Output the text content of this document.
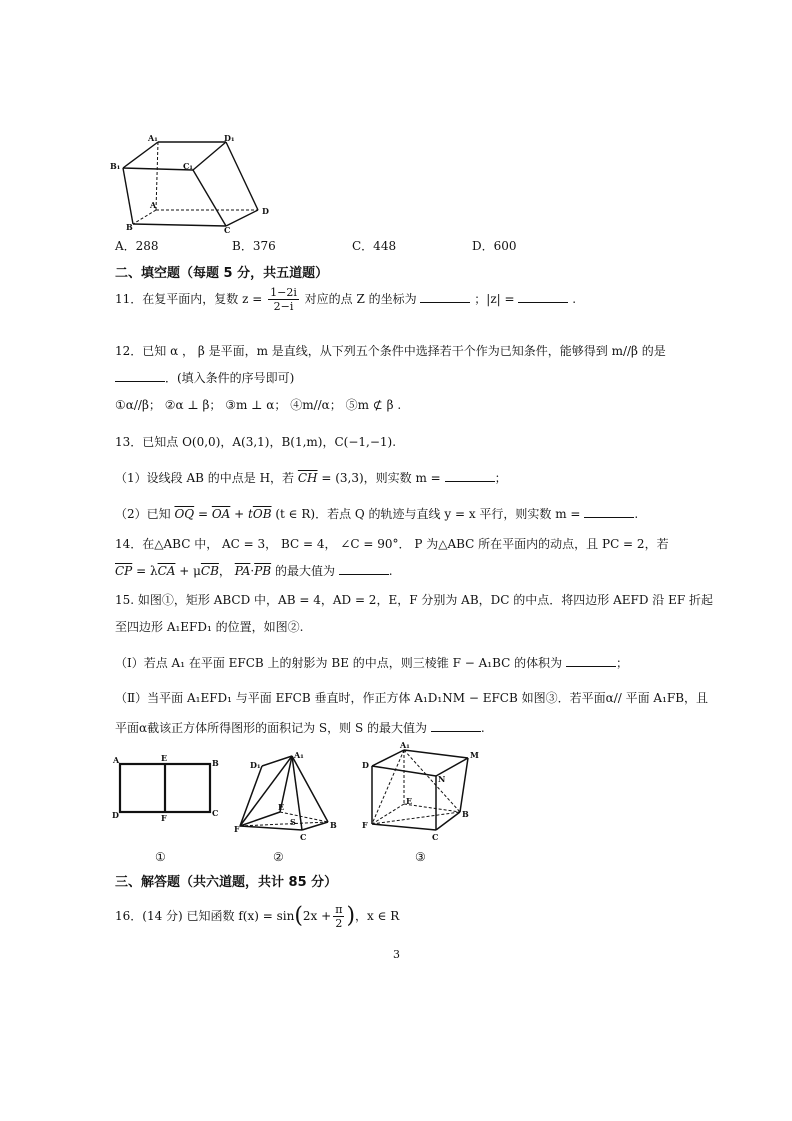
A₁	D₁
B₁	C₁
A
D
B	C
A．288	B．376	C．448	D．600
二、填空题（每题 5 分，共五道题）
11．在复平面内，复数 $z = \frac{1-2i}{2-i}$ 对应的点 Z 的坐标为	；|z| =	.
12．已知 α ， β 是平面，m 是直线，从下列五个条件中选择若干个作为已知条件，能够得到 m//β 的是
．(填入条件的序号即可)
①α//β； ②α ⊥ β； ③m ⊥ α； ④m//α； ⑤m ⊄ β .
13．已知点 O(0,0)，A(3,1)，B(1,m)，C(−1,−1).
（1）设线段 AB 的中点是 H，若 $\overline{CH} = (3,3)$，则实数 m =	；
（2）已知 $\overline{OQ} = \overline{OA} + t\overline{OB}$ (t ∈ R)．若点 Q 的轨迹与直线 y = x 平行，则实数 m =	.
14．在△ABC 中， AC = 3， BC = 4， ∠C = 90°． P 为△ABC 所在平面内的动点，且 PC = 2，若
$\overline{CP} = \lambda\overline{CA} + \mu\overline{CB}$， $\overline{PA}\cdot\overline{PB}$ 的最大值为	.
15. 如图①，矩形 ABCD 中，AB = 4，AD = 2，E，F 分别为 AB，DC 的中点．将四边形 AEFD 沿 EF 折起
至四边形 A₁EFD₁ 的位置，如图②.
（Ⅰ）若点 A₁ 在平面 EFCB 上的射影为 BE 的中点，则三棱锥 F − A₁BC 的体积为	；
（Ⅱ）当平面 A₁EFD₁ 与平面 EFCB 垂直时，作正方体 A₁D₁NM − EFCB 如图③．若平面α// 平面 A₁FB，且
平面α截该正方体所得图形的面积记为 S，则 S 的最大值为	.
A	E	B
D	F	C
A₁
D₁
E
F	B
C
S
A₁
M
D
N
E
F
B
C
①	②	③
三、解答题（共六道题，共计 85 分）
16．(14 分) 已知函数 $f(x) = \sin(2x + \frac{\pi}{2}$ )，x ∈ R
3
